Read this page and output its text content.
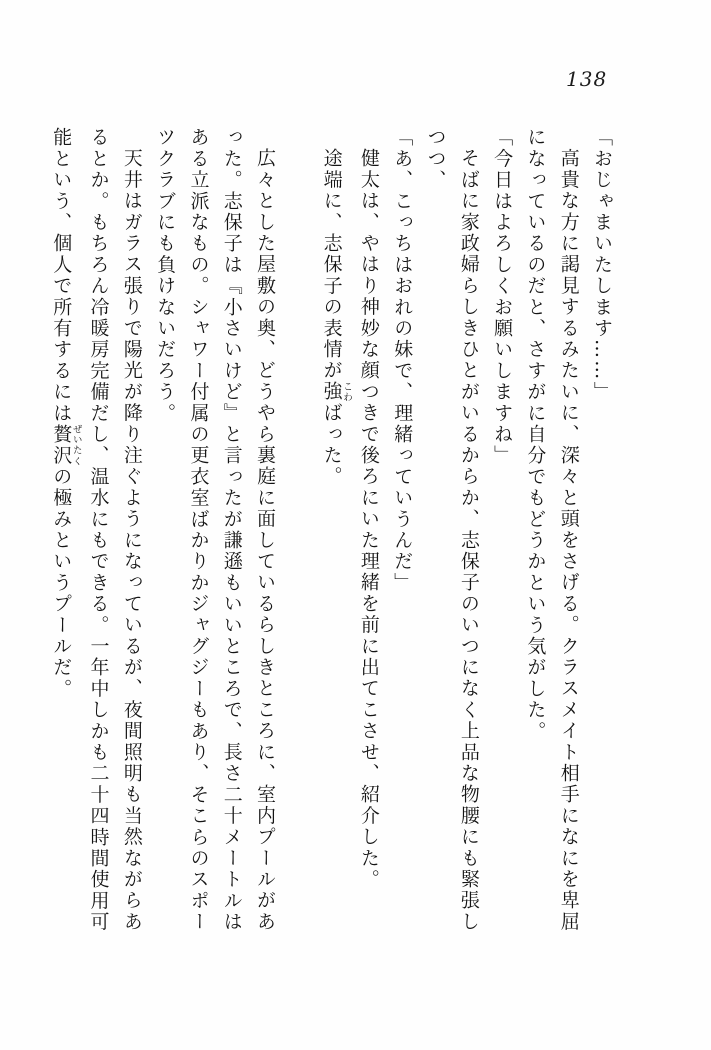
138
「おじゃまいたします……」
高貴な方に謁見するみたいに、深々と頭をさげる。クラスメイト相手になにを卑屈
になっているのだと、さすがに自分でもどうかという気がした。
「今日はよろしくお願いしますね」
そばに家政婦らしきひとがいるからか、志保子のいつになく上品な物腰にも緊張し
つつ、
「あ、こっちはおれの妹で、理緒っていうんだ」
健太は、やはり神妙な顔つきで後ろにいた理緒を前に出てこさせ、紹介した。
途端に、志保子の表情が強こわばった。

広々とした屋敷の奥、どうやら裏庭に面しているらしきところに、室内プールがあ
った。志保子は『小さいけど』と言ったが謙遜もいいところで、長さ二十メートルは
ある立派なもの。シャワー付属の更衣室ばかりかジャグジーもあり、そこらのスポー
ツクラブにも負けないだろう。
天井はガラス張りで陽光が降り注ぐようになっているが、夜間照明も当然ながらあ
るとか。もちろん冷暖房完備だし、温水にもできる。一年中しかも二十四時間使用可
能という、個人で所有するには贅沢ぜいたくの極みというプールだ。
